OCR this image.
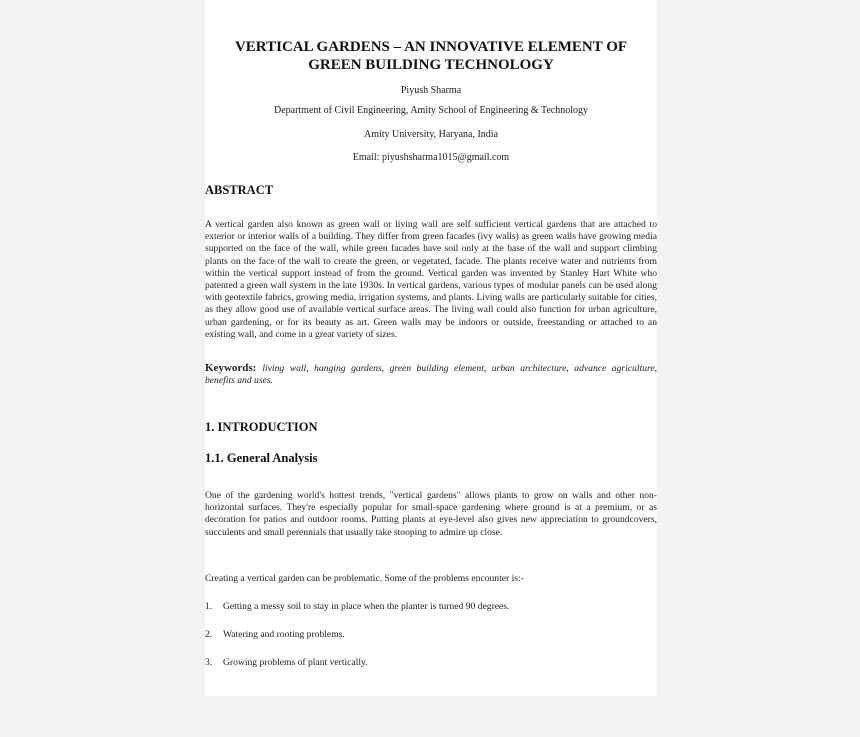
VERTICAL GARDENS – AN INNOVATIVE ELEMENT OF
GREEN BUILDING TECHNOLOGY
Piyush Sharma
Department of Civil Engineering, Amity School of Engineering & Technology
Amity University, Haryana, India
Email: piyushsharma1015@gmail.com
ABSTRACT
A vertical garden also known as green wall or living wall are self sufficient vertical gardens that are attached to exterior or interior walls of a building. They differ from green facades (ivy walls) as green walls have growing media supported on the face of the wall, while green facades have soil only at the base of the wall and support climbing plants on the face of the wall to create the green, or vegetated, facade. The plants receive water and nutrients from within the vertical support instead of from the ground. Vertical garden was invented by Stanley Hart White who patented a green wall system in the late 1930s. In vertical gardens, various types of modular panels can be used along with geotextile fabrics, growing media, irrigation systems, and plants. Living walls are particularly suitable for cities, as they allow good use of available vertical surface areas. The living wall could also function for urban agriculture, urban gardening, or for its beauty as art. Green walls may be indoors or outside, freestanding or attached to an existing wall, and come in a great variety of sizes.
Keywords: living wall, hanging gardens, green building element, urban architecture, advance agriculture, benefits and uses.
1. INTRODUCTION
1.1. General Analysis
One of the gardening world's hottest trends, "vertical gardens" allows plants to grow on walls and other non-horizontal surfaces. They're especially popular for small-space gardening where ground is at a premium, or as decoration for patios and outdoor rooms. Putting plants at eye-level also gives new appreciation to groundcovers, succulents and small perennials that usually take stooping to admire up close.
Creating a vertical garden can be problematic. Some of the problems encounter is:-
1. Getting a messy soil to stay in place when the planter is turned 90 degrees.
2. Watering and rooting problems.
3. Growing problems of plant vertically.
